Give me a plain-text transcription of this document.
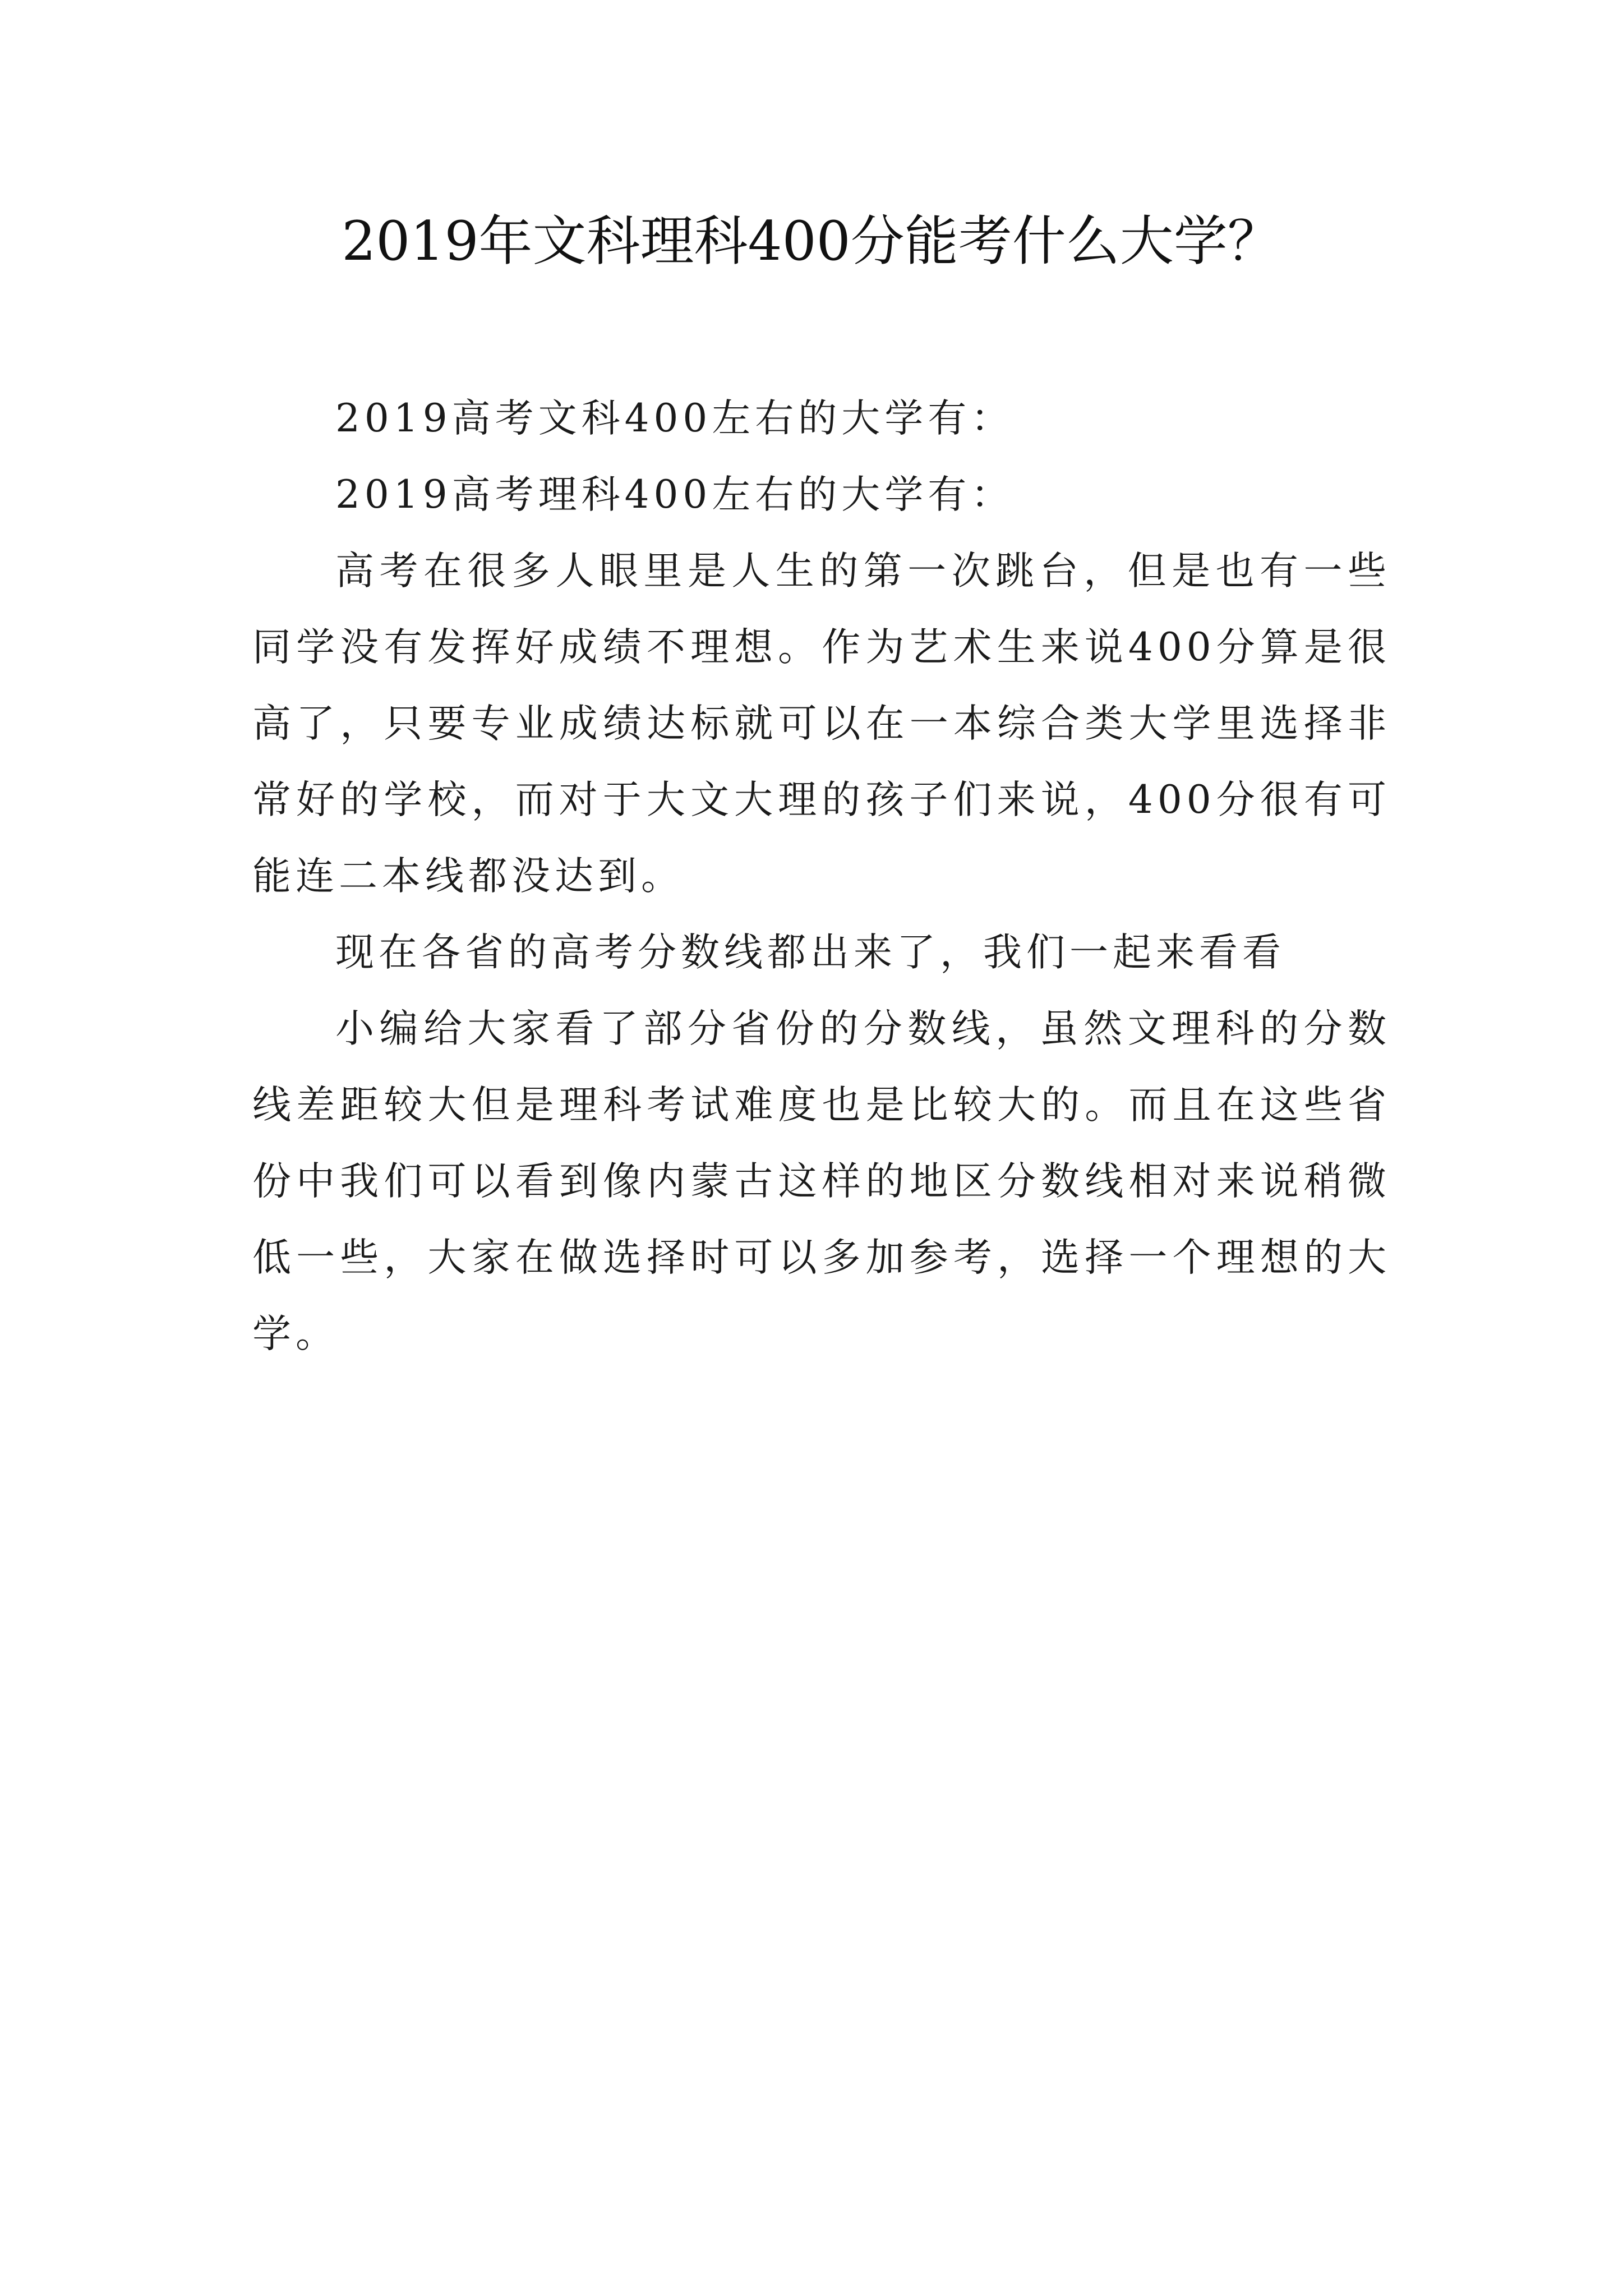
2019年文科理科400分能考什么大学？

2019高考文科400左右的大学有：

2019高考理科400左右的大学有：

高考在很多人眼里是人生的第一次跳台，但是也有一些同学没有发挥好成绩不理想。作为艺术生来说400分算是很高了，只要专业成绩达标就可以在一本综合类大学里选择非常好的学校，而对于大文大理的孩子们来说，400分很有可能连二本线都没达到。

现在各省的高考分数线都出来了，我们一起来看看

小编给大家看了部分省份的分数线，虽然文理科的分数线差距较大但是理科考试难度也是比较大的。而且在这些省份中我们可以看到像内蒙古这样的地区分数线相对来说稍微低一些，大家在做选择时可以多加参考，选择一个理想的大学。
